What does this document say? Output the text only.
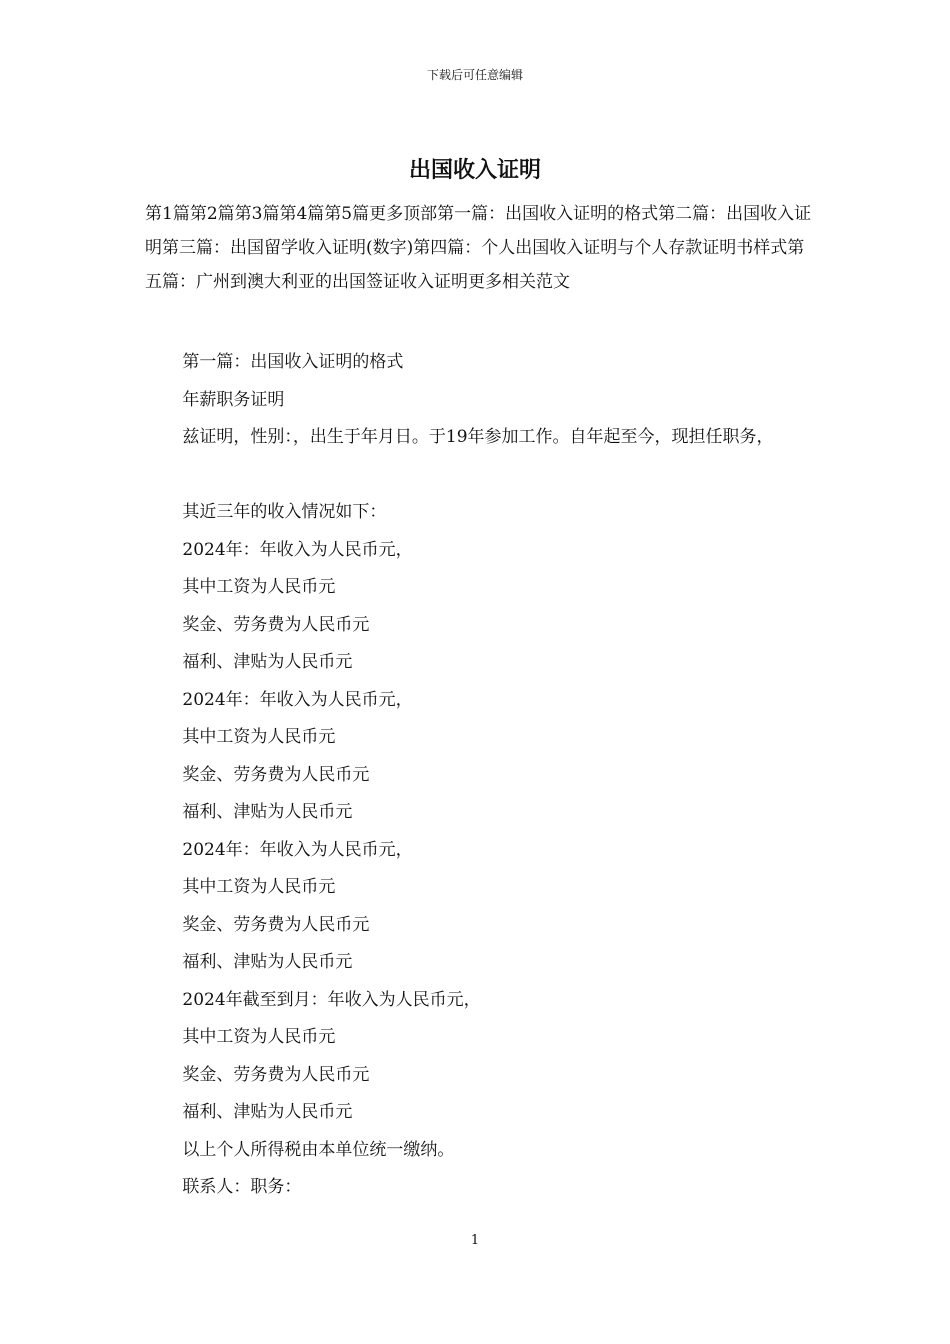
下载后可任意编辑
出国收入证明

第1篇第2篇第3篇第4篇第5篇更多顶部第一篇：出国收入证明的格式第二篇：出国收入证明第三篇：出国留学收入证明(数字)第四篇：个人出国收入证明与个人存款证明书样式第五篇：广州到澳大利亚的出国签证收入证明更多相关范文

第一篇：出国收入证明的格式
年薪职务证明
兹证明，性别：，出生于年月日。于19年参加工作。自年起至今，现担任职务，
其近三年的收入情况如下：
2024年：年收入为人民币元，
其中工资为人民币元
奖金、劳务费为人民币元
福利、津贴为人民币元
2024年：年收入为人民币元，
其中工资为人民币元
奖金、劳务费为人民币元
福利、津贴为人民币元
2024年：年收入为人民币元，
其中工资为人民币元
奖金、劳务费为人民币元
福利、津贴为人民币元
2024年截至到月：年收入为人民币元，
其中工资为人民币元
奖金、劳务费为人民币元
福利、津贴为人民币元
以上个人所得税由本单位统一缴纳。
联系人：职务：
1
